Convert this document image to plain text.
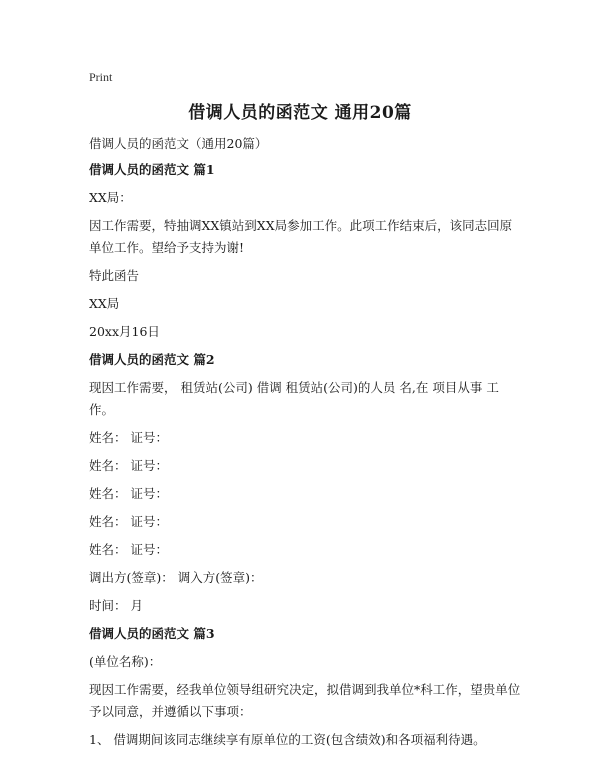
Print
借调人员的函范文 通用20篇
借调人员的函范文（通用20篇）
借调人员的函范文 篇1
XX局：
因工作需要，特抽调XX镇站到XX局参加工作。此项工作结束后，该同志回原单位工作。望给予支持为谢!
特此函告
XX局
20xx月16日
借调人员的函范文 篇2
现因工作需要， 租赁站(公司) 借调 租赁站(公司)的人员 名,在 项目从事 工作。
姓名： 证号：
姓名： 证号：
姓名： 证号：
姓名： 证号：
姓名： 证号：
调出方(签章)： 调入方(签章)：
时间： 月
借调人员的函范文 篇3
(单位名称)：
现因工作需要，经我单位领导组研究决定，拟借调到我单位*科工作，望贵单位予以同意，并遵循以下事项：
1、 借调期间该同志继续享有原单位的工资(包含绩效)和各项福利待遇。
